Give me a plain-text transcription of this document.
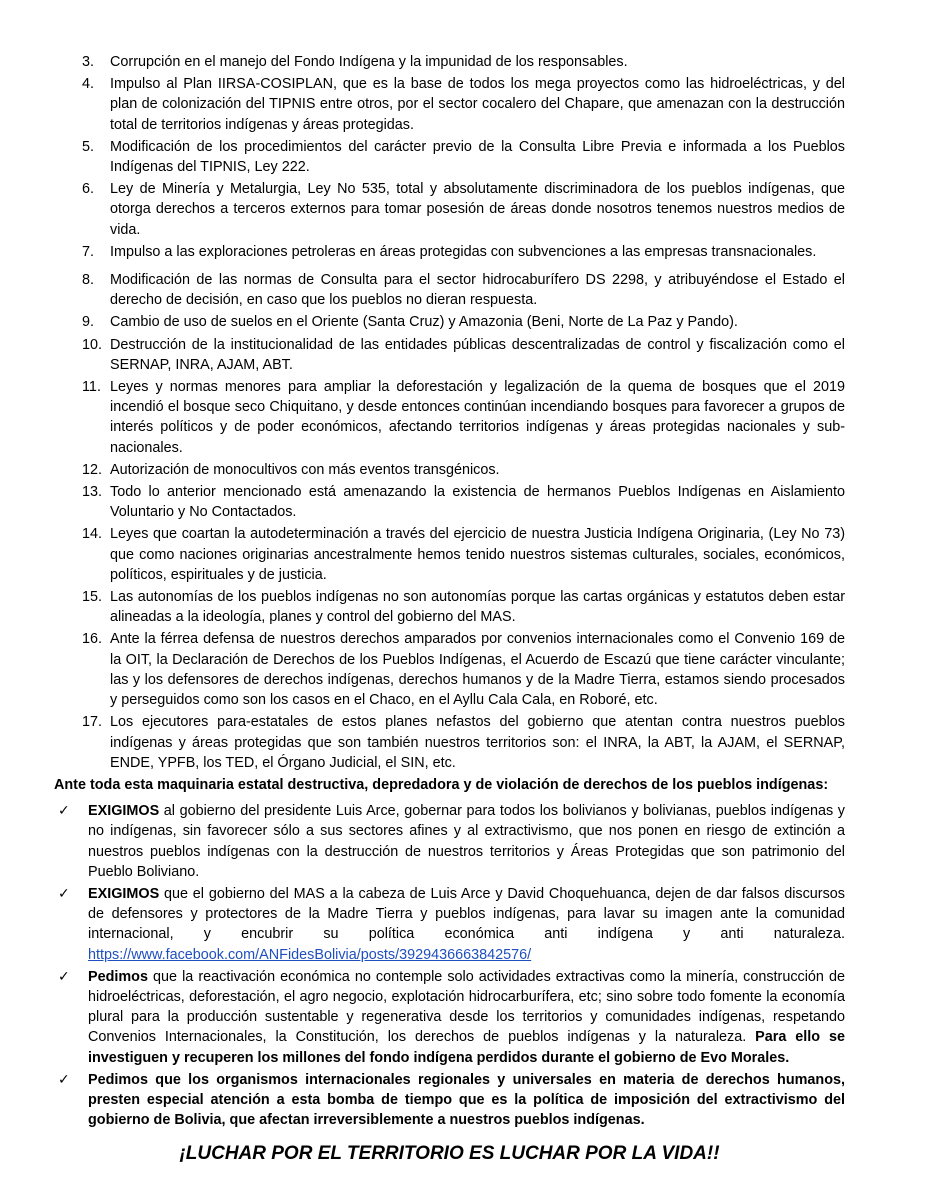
3 .	Corrupción en el manejo del Fondo Indígena y la impunidad de los responsables.
4 .	Impulso al Plan IIRSA-COSIPLAN, que es la base de todos los mega proyectos como las hidroeléctricas, y del plan de colonización del TIPNIS entre otros, por el sector cocalero del Chapare, que amenazan con la destrucción total de territorios indígenas y áreas protegidas.
5 .	Modificación de los procedimientos del carácter previo de la Consulta Libre Previa e informada a los Pueblos Indígenas del TIPNIS, Ley 222.
6 .	Ley de Minería y Metalurgia, Ley No 535, total y absolutamente discriminadora de los pueblos indígenas, que otorga derechos a terceros externos para tomar posesión de áreas donde nosotros tenemos nuestros medios de vida.
7 .	Impulso a las exploraciones petroleras en áreas protegidas con subvenciones a las empresas transnacionales.
8 .	Modificación de las normas de Consulta para el sector hidrocaburífero DS 2298, y atribuyéndose el Estado el derecho de decisión, en caso que los pueblos no dieran respuesta.
9 .	Cambio de uso de suelos en el Oriente (Santa Cruz) y Amazonia (Beni, Norte de La Paz y Pando).
10 . Destrucción de la institucionalidad de las entidades públicas descentralizadas de control y fiscalización como el SERNAP, INRA, AJAM, ABT.
11 . Leyes y normas menores para ampliar la deforestación y legalización de la quema de bosques que el 2019 incendió el bosque seco Chiquitano, y desde entonces continúan incendiando bosques para favorecer a grupos de interés políticos y de poder económicos, afectando territorios indígenas y áreas protegidas nacionales y sub-nacionales.
12 . Autorización de monocultivos con más eventos transgénicos.
13 . Todo lo anterior mencionado está amenazando la existencia de hermanos Pueblos Indígenas en Aislamiento Voluntario y No Contactados.
14 . Leyes que coartan la autodeterminación a través del ejercicio de nuestra Justicia Indígena Originaria, (Ley No 73) que como naciones originarias ancestralmente hemos tenido nuestros sistemas culturales, sociales, económicos, políticos, espirituales y de justicia.
15 . Las autonomías de los pueblos indígenas no son autonomías porque las cartas orgánicas y estatutos deben estar alineadas a la ideología, planes y control del gobierno del MAS.
16 . Ante la férrea defensa de nuestros derechos amparados por convenios internacionales como el Convenio 169 de la OIT, la Declaración de Derechos de los Pueblos Indígenas, el Acuerdo de Escazú que tiene carácter vinculante; las y los defensores de derechos indígenas, derechos humanos y de la Madre Tierra, estamos siendo procesados y perseguidos como son los casos en el Chaco, en el Ayllu Cala Cala, en Roboré, etc.
17 . Los ejecutores para-estatales de estos planes nefastos del gobierno que atentan contra nuestros pueblos indígenas y áreas protegidas que son también nuestros territorios son: el INRA, la ABT, la AJAM, el SERNAP, ENDE, YPFB, los TED, el Órgano Judicial, el SIN, etc.
Ante toda esta maquinaria estatal destructiva, depredadora y de violación de derechos de los pueblos indígenas:
✓	EXIGIMOS al gobierno del presidente Luis Arce, gobernar para todos los bolivianos y bolivianas, pueblos indígenas y no indígenas, sin favorecer sólo a sus sectores afines y al extractivismo, que nos ponen en riesgo de extinción a nuestros pueblos indígenas con la destrucción de nuestros territorios y Áreas Protegidas que son patrimonio del Pueblo Boliviano.
✓	EXIGIMOS que el gobierno del MAS a la cabeza de Luis Arce y David Choquehuanca, dejen de dar falsos discursos de defensores y protectores de la Madre Tierra y pueblos indígenas, para lavar su imagen ante la comunidad internacional, y encubrir su política económica anti indígena y anti naturaleza. https://www.facebook.com/ANFidesBolivia/posts/3929436663842576/
✓	Pedimos que la reactivación económica no contemple solo actividades extractivas como la minería, construcción de hidroeléctricas, deforestación, el agro negocio, explotación hidrocarburífera, etc; sino sobre todo fomente la economía plural para la producción sustentable y regenerativa desde los territorios y comunidades indígenas, respetando Convenios Internacionales, la Constitución, los derechos de pueblos indígenas y la naturaleza. Para ello se investiguen y recuperen los millones del fondo indígena perdidos durante el gobierno de Evo Morales.
✓	Pedimos que los organismos internacionales regionales y universales en materia de derechos humanos, presten especial atención a esta bomba de tiempo que es la política de imposición del extractivismo del gobierno de Bolivia, que afectan irreversiblemente a nuestros pueblos indígenas.
¡LUCHAR POR EL TERRITORIO ES LUCHAR POR LA VIDA!!
